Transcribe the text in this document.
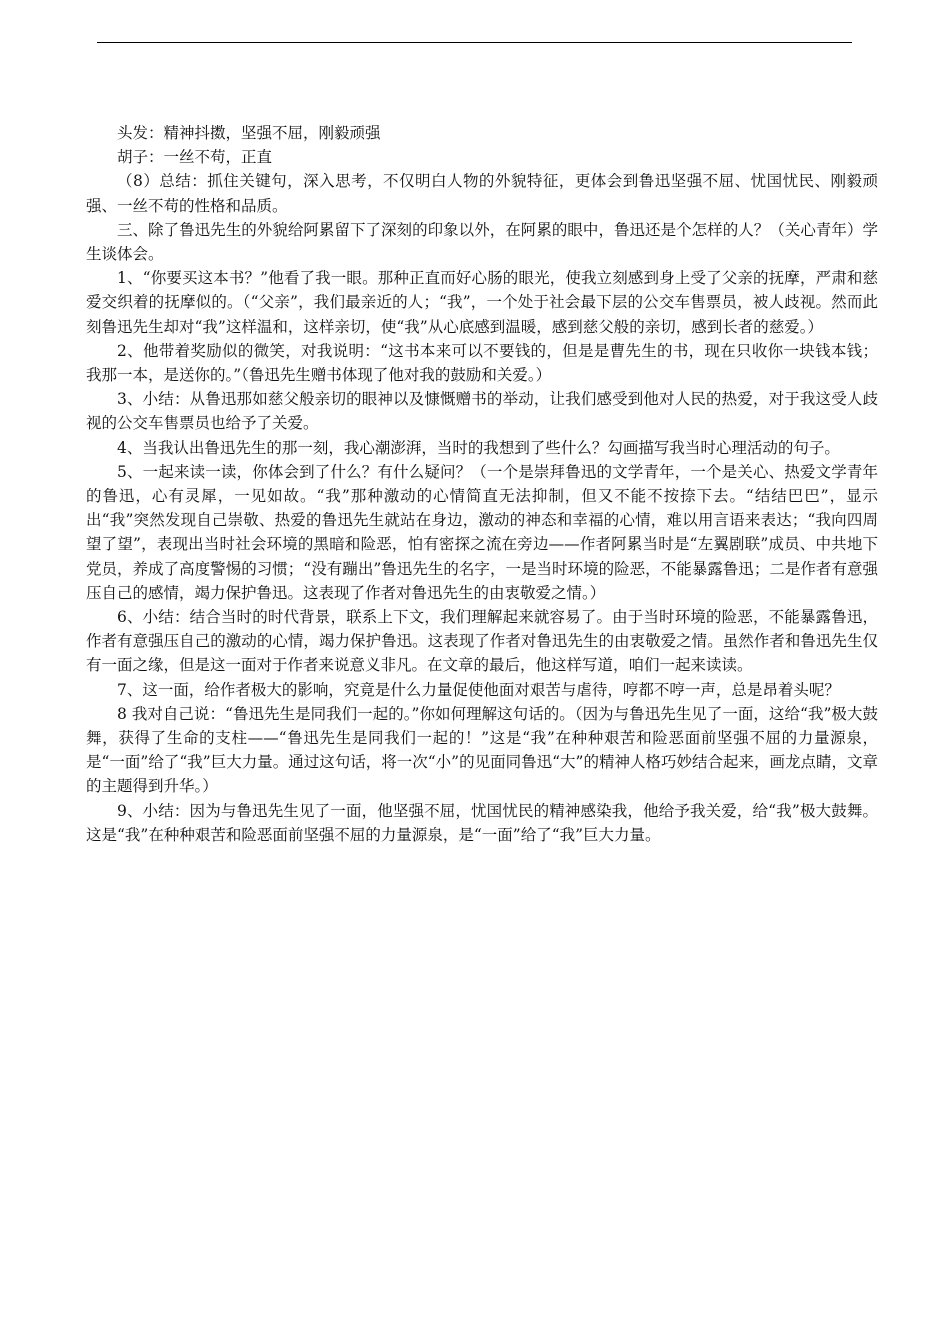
头发：精神抖擞，坚强不屈，刚毅顽强

胡子：一丝不苟，正直

（8）总结：抓住关键句，深入思考，不仅明白人物的外貌特征，更体会到鲁迅坚强不屈、忧国忧民、刚毅顽强、一丝不苟的性格和品质。

三、除了鲁迅先生的外貌给阿累留下了深刻的印象以外，在阿累的眼中，鲁迅还是个怎样的人？（关心青年）学生谈体会。

1、“你要买这本书？”他看了我一眼。那种正直而好心肠的眼光，使我立刻感到身上受了父亲的抚摩，严肃和慈爱交织着的抚摩似的。（“父亲”，我们最亲近的人；“我”，一个处于社会最下层的公交车售票员，被人歧视。然而此刻鲁迅先生却对“我”这样温和，这样亲切，使“我”从心底感到温暖，感到慈父般的亲切，感到长者的慈爱。）

2、他带着奖励似的微笑，对我说明：“这书本来可以不要钱的，但是是曹先生的书，现在只收你一块钱本钱；我那一本，是送你的。”（鲁迅先生赠书体现了他对我的鼓励和关爱。）

3、小结：从鲁迅那如慈父般亲切的眼神以及慷慨赠书的举动，让我们感受到他对人民的热爱，对于我这受人歧视的公交车售票员也给予了关爱。

4、当我认出鲁迅先生的那一刻，我心潮澎湃，当时的我想到了些什么？勾画描写我当时心理活动的句子。

5、一起来读一读，你体会到了什么？有什么疑问？（一个是崇拜鲁迅的文学青年，一个是关心、热爱文学青年的鲁迅，心有灵犀，一见如故。“我”那种激动的心情简直无法抑制，但又不能不按捺下去。“结结巴巴”，显示出“我”突然发现自己崇敬、热爱的鲁迅先生就站在身边，激动的神态和幸福的心情，难以用言语来表达；“我向四周望了望”，表现出当时社会环境的黑暗和险恶，怕有密探之流在旁边——作者阿累当时是“左翼剧联”成员、中共地下党员，养成了高度警惕的习惯；“没有蹦出”鲁迅先生的名字，一是当时环境的险恶，不能暴露鲁迅；二是作者有意强压自己的感情，竭力保护鲁迅。这表现了作者对鲁迅先生的由衷敬爱之情。）

6、小结：结合当时的时代背景，联系上下文，我们理解起来就容易了。由于当时环境的险恶，不能暴露鲁迅，作者有意强压自己的激动的心情，竭力保护鲁迅。这表现了作者对鲁迅先生的由衷敬爱之情。虽然作者和鲁迅先生仅有一面之缘，但是这一面对于作者来说意义非凡。在文章的最后，他这样写道，咱们一起来读读。

7、这一面，给作者极大的影响，究竟是什么力量促使他面对艰苦与虐待，哼都不哼一声，总是昂着头呢？

8 我对自己说：“鲁迅先生是同我们一起的。”你如何理解这句话的。（因为与鲁迅先生见了一面，这给“我”极大鼓舞，获得了生命的支柱——“鲁迅先生是同我们一起的！”这是“我”在种种艰苦和险恶面前坚强不屈的力量源泉，是“一面”给了“我”巨大力量。通过这句话，将一次“小”的见面同鲁迅“大”的精神人格巧妙结合起来，画龙点睛，文章的主题得到升华。）

9、小结：因为与鲁迅先生见了一面，他坚强不屈，忧国忧民的精神感染我，他给予我关爱，给“我”极大鼓舞。这是“我”在种种艰苦和险恶面前坚强不屈的力量源泉，是“一面”给了“我”巨大力量。
